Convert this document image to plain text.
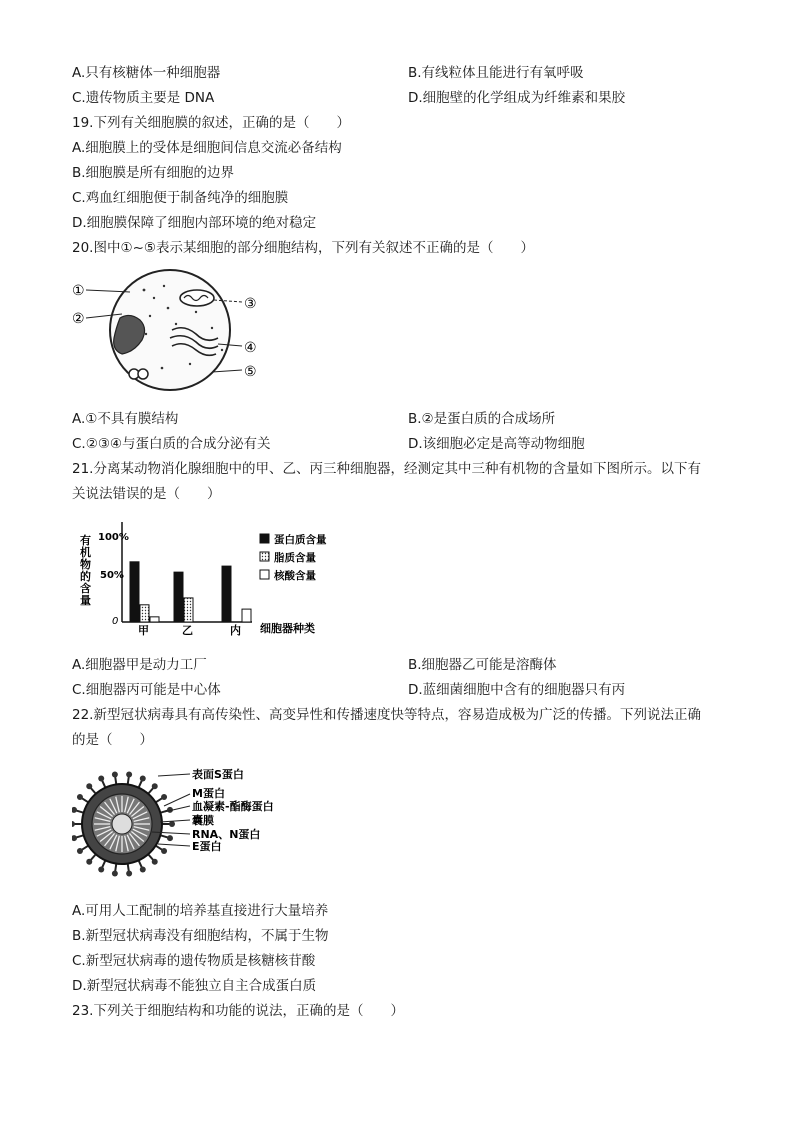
A.只有核糖体一种细胞器	B.有线粒体且能进行有氧呼吸
C.遗传物质主要是 DNA	D.细胞壁的化学组成为纤维素和果胶
19.下列有关细胞膜的叙述，正确的是（　　）
A.细胞膜上的受体是细胞间信息交流必备结构
B.细胞膜是所有细胞的边界
C.鸡血红细胞便于制备纯净的细胞膜
D.细胞膜保障了细胞内部环境的绝对稳定
20.图中①~⑤表示某细胞的部分细胞结构，下列有关叙述不正确的是（　　）
①
②
③
④
⑤
A.①不具有膜结构	B.②是蛋白质的合成场所
C.②③④与蛋白质的合成分泌有关	D.该细胞必定是高等动物细胞
21.分离某动物消化腺细胞中的甲、乙、丙三种细胞器，经测定其中三种有机物的含量如下图所示。以下有
关说法错误的是（　　）
有
机
物
的
含
量
100%
50%
0
甲	乙	内 细胞器种类
蛋白质含量
脂质含量
核酸含量
A.细胞器甲是动力工厂	B.细胞器乙可能是溶酶体
C.细胞器丙可能是中心体	D.蓝细菌细胞中含有的细胞器只有丙
22.新型冠状病毒具有高传染性、高变异性和传播速度快等特点，容易造成极为广泛的传播。下列说法正确
的是（　　）
表面S蛋白
M蛋白
血凝素-酯酶蛋白
囊膜
RNA、N蛋白
E蛋白
A.可用人工配制的培养基直接进行大量培养
B.新型冠状病毒没有细胞结构，不属于生物
C.新型冠状病毒的遗传物质是核糖核苷酸
D.新型冠状病毒不能独立自主合成蛋白质
23.下列关于细胞结构和功能的说法，正确的是（　　）
